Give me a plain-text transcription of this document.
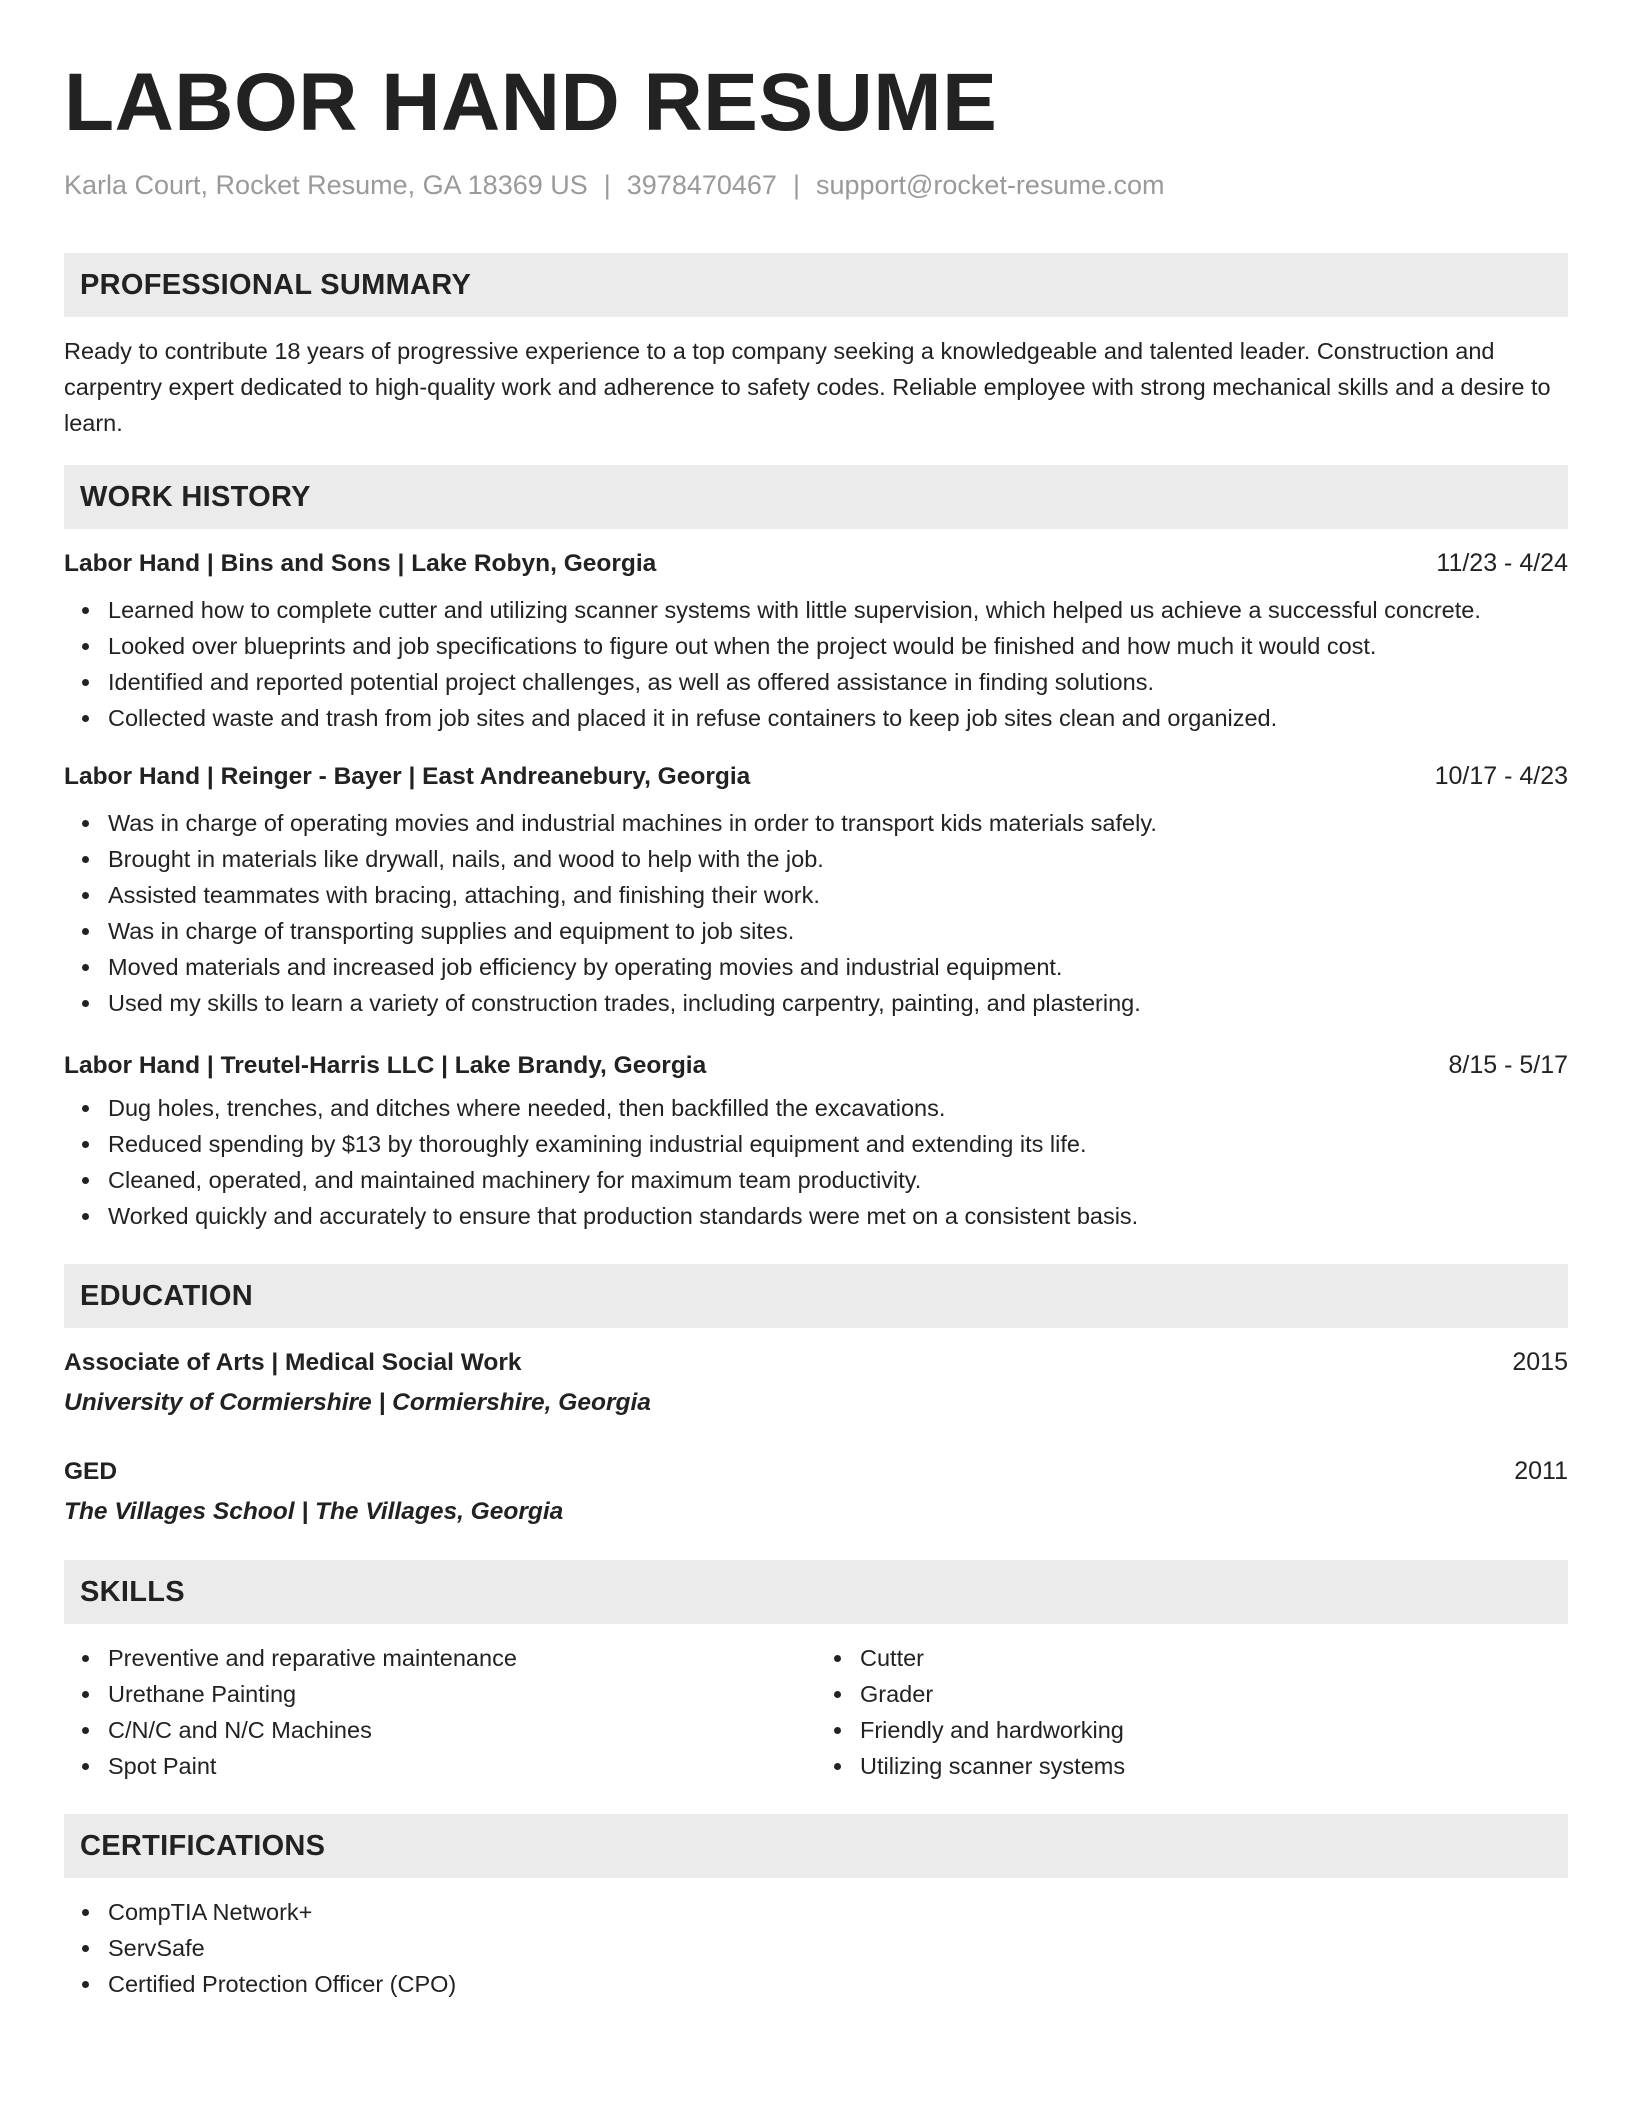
LABOR HAND RESUME
Karla Court, Rocket Resume, GA 18369 US | 3978470467 | support@rocket-resume.com
PROFESSIONAL SUMMARY

Ready to contribute 18 years of progressive experience to a top company seeking a knowledgeable and talented leader. Construction and carpentry expert dedicated to high-quality work and adherence to safety codes. Reliable employee with strong mechanical skills and a desire to learn.

WORK HISTORY
Labor Hand | Bins and Sons | Lake Robyn, Georgia	11/23 - 4/24
Learned how to complete cutter and utilizing scanner systems with little supervision, which helped us achieve a successful concrete.
Looked over blueprints and job specifications to figure out when the project would be finished and how much it would cost.
Identified and reported potential project challenges, as well as offered assistance in finding solutions.
Collected waste and trash from job sites and placed it in refuse containers to keep job sites clean and organized.
Labor Hand | Reinger - Bayer | East Andreanebury, Georgia	10/17 - 4/23
Was in charge of operating movies and industrial machines in order to transport kids materials safely.
Brought in materials like drywall, nails, and wood to help with the job.
Assisted teammates with bracing, attaching, and finishing their work.
Was in charge of transporting supplies and equipment to job sites.
Moved materials and increased job efficiency by operating movies and industrial equipment.
Used my skills to learn a variety of construction trades, including carpentry, painting, and plastering.
Labor Hand | Treutel-Harris LLC | Lake Brandy, Georgia	8/15 - 5/17
Dug holes, trenches, and ditches where needed, then backfilled the excavations.
Reduced spending by $13 by thoroughly examining industrial equipment and extending its life.
Cleaned, operated, and maintained machinery for maximum team productivity.
Worked quickly and accurately to ensure that production standards were met on a consistent basis.
EDUCATION
Associate of Arts | Medical Social Work	2015
University of Cormiershire | Cormiershire, Georgia
GED	2011
The Villages School | The Villages, Georgia
SKILLS
Preventive and reparative maintenance
Urethane Painting
C/N/C and N/C Machines
Spot Paint
Cutter
Grader
Friendly and hardworking
Utilizing scanner systems
CERTIFICATIONS
CompTIA Network+
ServSafe
Certified Protection Officer (CPO)
